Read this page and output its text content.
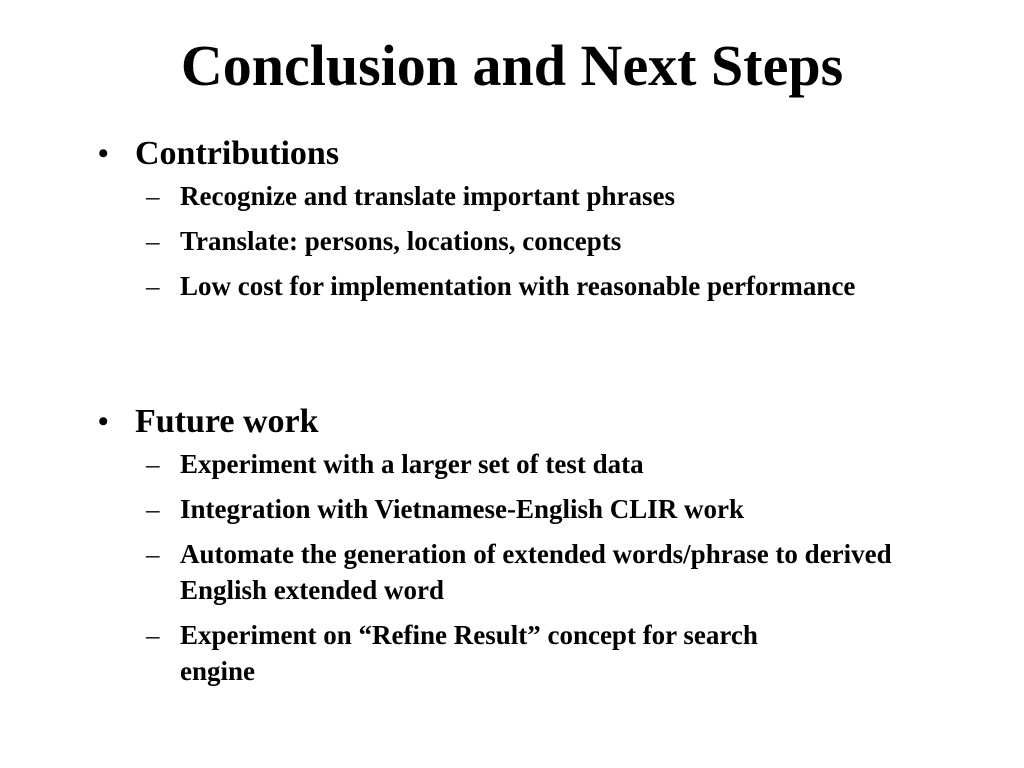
Conclusion and Next Steps

• Contributions

– Recognize and translate important phrases
– Translate: persons, locations, concepts
– Low cost for implementation with reasonable performance

• Future work

– Experiment with a larger set of test data
– Integration with Vietnamese-English CLIR work
– Automate the generation of extended words/phrase to derived English extended word
– Experiment on “Refine Result” concept for search engine
